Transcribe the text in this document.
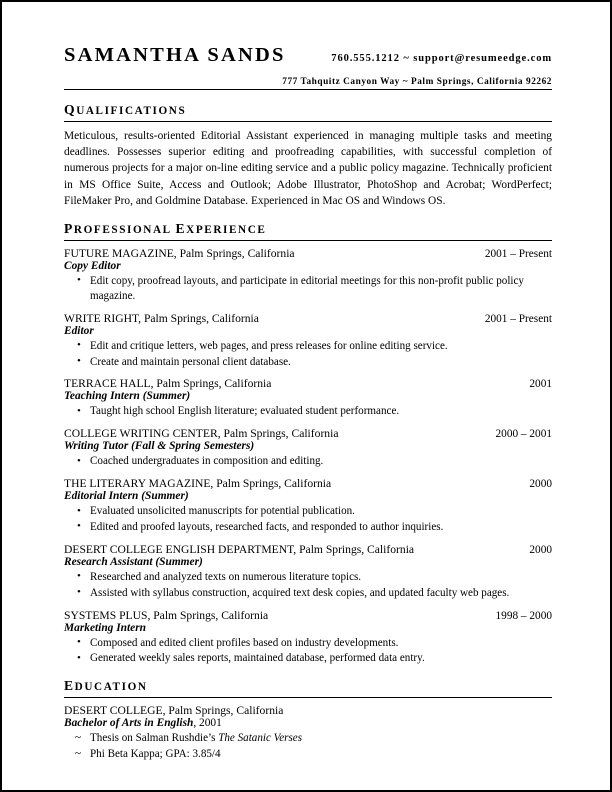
SAMANTHA SANDS	760.555.1212 ~ support@resumeedge.com
777 Tahquitz Canyon Way ~ Palm Springs, California 92262
QUALIFICATIONS

Meticulous, results-oriented Editorial Assistant experienced in managing multiple tasks and meeting deadlines. Possesses superior editing and proofreading capabilities, with successful completion of numerous projects for a major on-line editing service and a public policy magazine. Technically proficient in MS Office Suite, Access and Outlook; Adobe Illustrator, PhotoShop and Acrobat; WordPerfect; FileMaker Pro, and Goldmine Database. Experienced in Mac OS and Windows OS.

PROFESSIONAL EXPERIENCE
FUTURE MAGAZINE, Palm Springs, California	2001 – Present
Copy Editor
• Edit copy, proofread layouts, and participate in editorial meetings for this non-profit public policy magazine.
WRITE RIGHT, Palm Springs, California	2001 – Present
Editor
• Edit and critique letters, web pages, and press releases for online editing service.
• Create and maintain personal client database.
TERRACE HALL, Palm Springs, California	2001
Teaching Intern (Summer)
• Taught high school English literature; evaluated student performance.
COLLEGE WRITING CENTER, Palm Springs, California	2000 – 2001
Writing Tutor (Fall & Spring Semesters)
• Coached undergraduates in composition and editing.
THE LITERARY MAGAZINE, Palm Springs, California	2000
Editorial Intern (Summer)
• Evaluated unsolicited manuscripts for potential publication.
• Edited and proofed layouts, researched facts, and responded to author inquiries.
DESERT COLLEGE ENGLISH DEPARTMENT, Palm Springs, California	2000
Research Assistant (Summer)
• Researched and analyzed texts on numerous literature topics.
• Assisted with syllabus construction, acquired text desk copies, and updated faculty web pages.
SYSTEMS PLUS, Palm Springs, California	1998 – 2000
Marketing Intern
• Composed and edited client profiles based on industry developments.
• Generated weekly sales reports, maintained database, performed data entry.
EDUCATION
DESERT COLLEGE, Palm Springs, California
Bachelor of Arts in English, 2001
~ Thesis on Salman Rushdie’s The Satanic Verses
~ Phi Beta Kappa; GPA: 3.85/4
